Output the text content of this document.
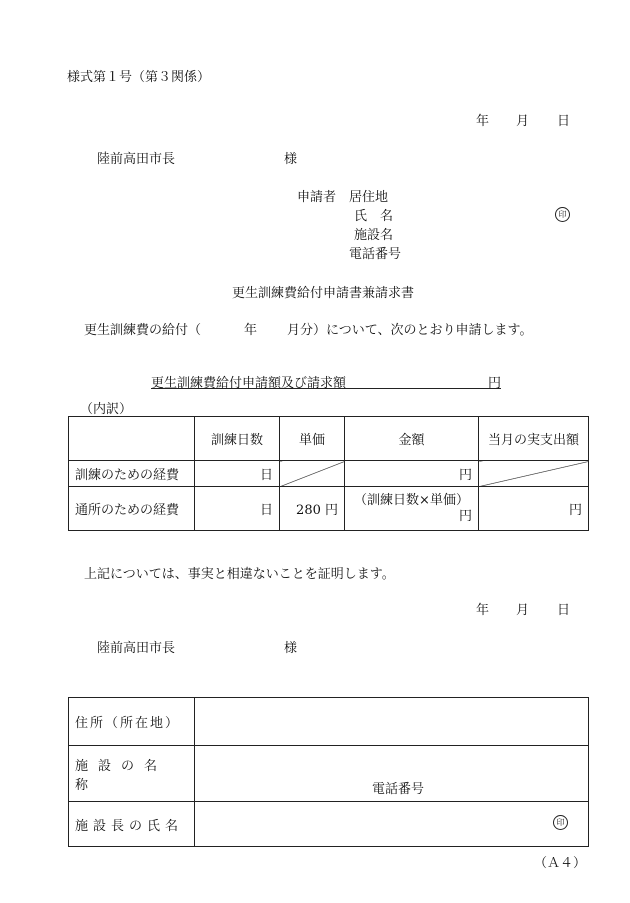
様式第１号（第３関係）
年 月 日
陸前高田市長	様
申請者 居住地
氏　名	印
施設名
電話番号
更生訓練費給付申請書兼請求書
更生訓練費の給付（	年 月分）について、次のとおり申請します。
更生訓練費給付申請額及び請求額	円
（内訳）
	訓練日数	単価	金額	当月の実支出額
訓練のための経費	日		円	
通所のための経費	日	280 円	（訓練日数×単価）
円	円
上記については、事実と相違ないことを証明します。
年 月 日
陸前高田市長	様
住所（所在地）	
施設の名称	電話番号

施設長の氏名	印
（Ａ４）
